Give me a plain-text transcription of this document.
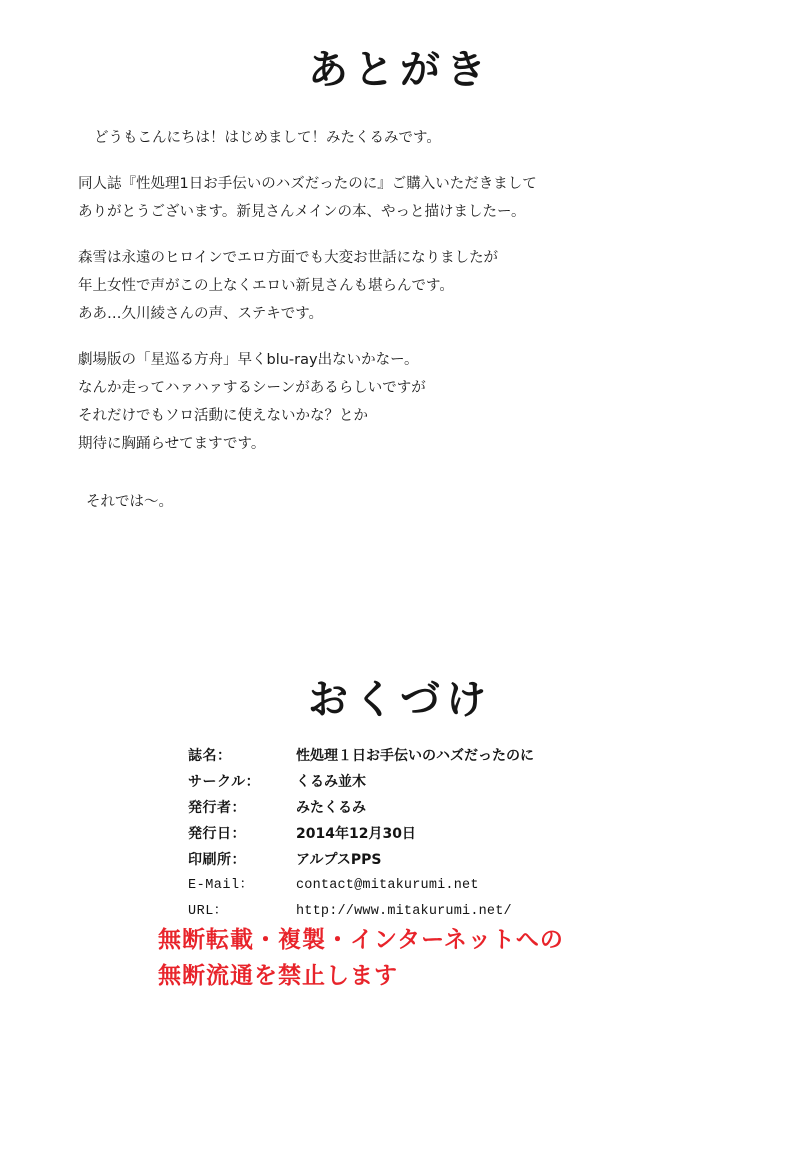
あとがき

どうもこんにちは！はじめまして！みたくるみです。

同人誌『性処理1日お手伝いのハズだったのに』ご購入いただきまして
ありがとうございます。新見さんメインの本、やっと描けましたー。

森雪は永遠のヒロインでエロ方面でも大変お世話になりましたが
年上女性で声がこの上なくエロい新見さんも堪らんです。
ああ…久川綾さんの声、ステキです。

劇場版の「星巡る方舟」早くblu-ray出ないかなー。
なんか走ってハァハァするシーンがあるらしいですが
それだけでもソロ活動に使えないかな？とか
期待に胸踊らせてますです。

それでは〜。

おくづけ
誌名：	性処理１日お手伝いのハズだったのに
サークル：	くるみ並木
発行者：	みたくるみ
発行日：	2014年12月30日
印刷所：	アルプスPPS
E-Mail：	contact@mitakurumi.net
URL：	http://www.mitakurumi.net/
無断転載・複製・インターネットへの
無断流通を禁止します
